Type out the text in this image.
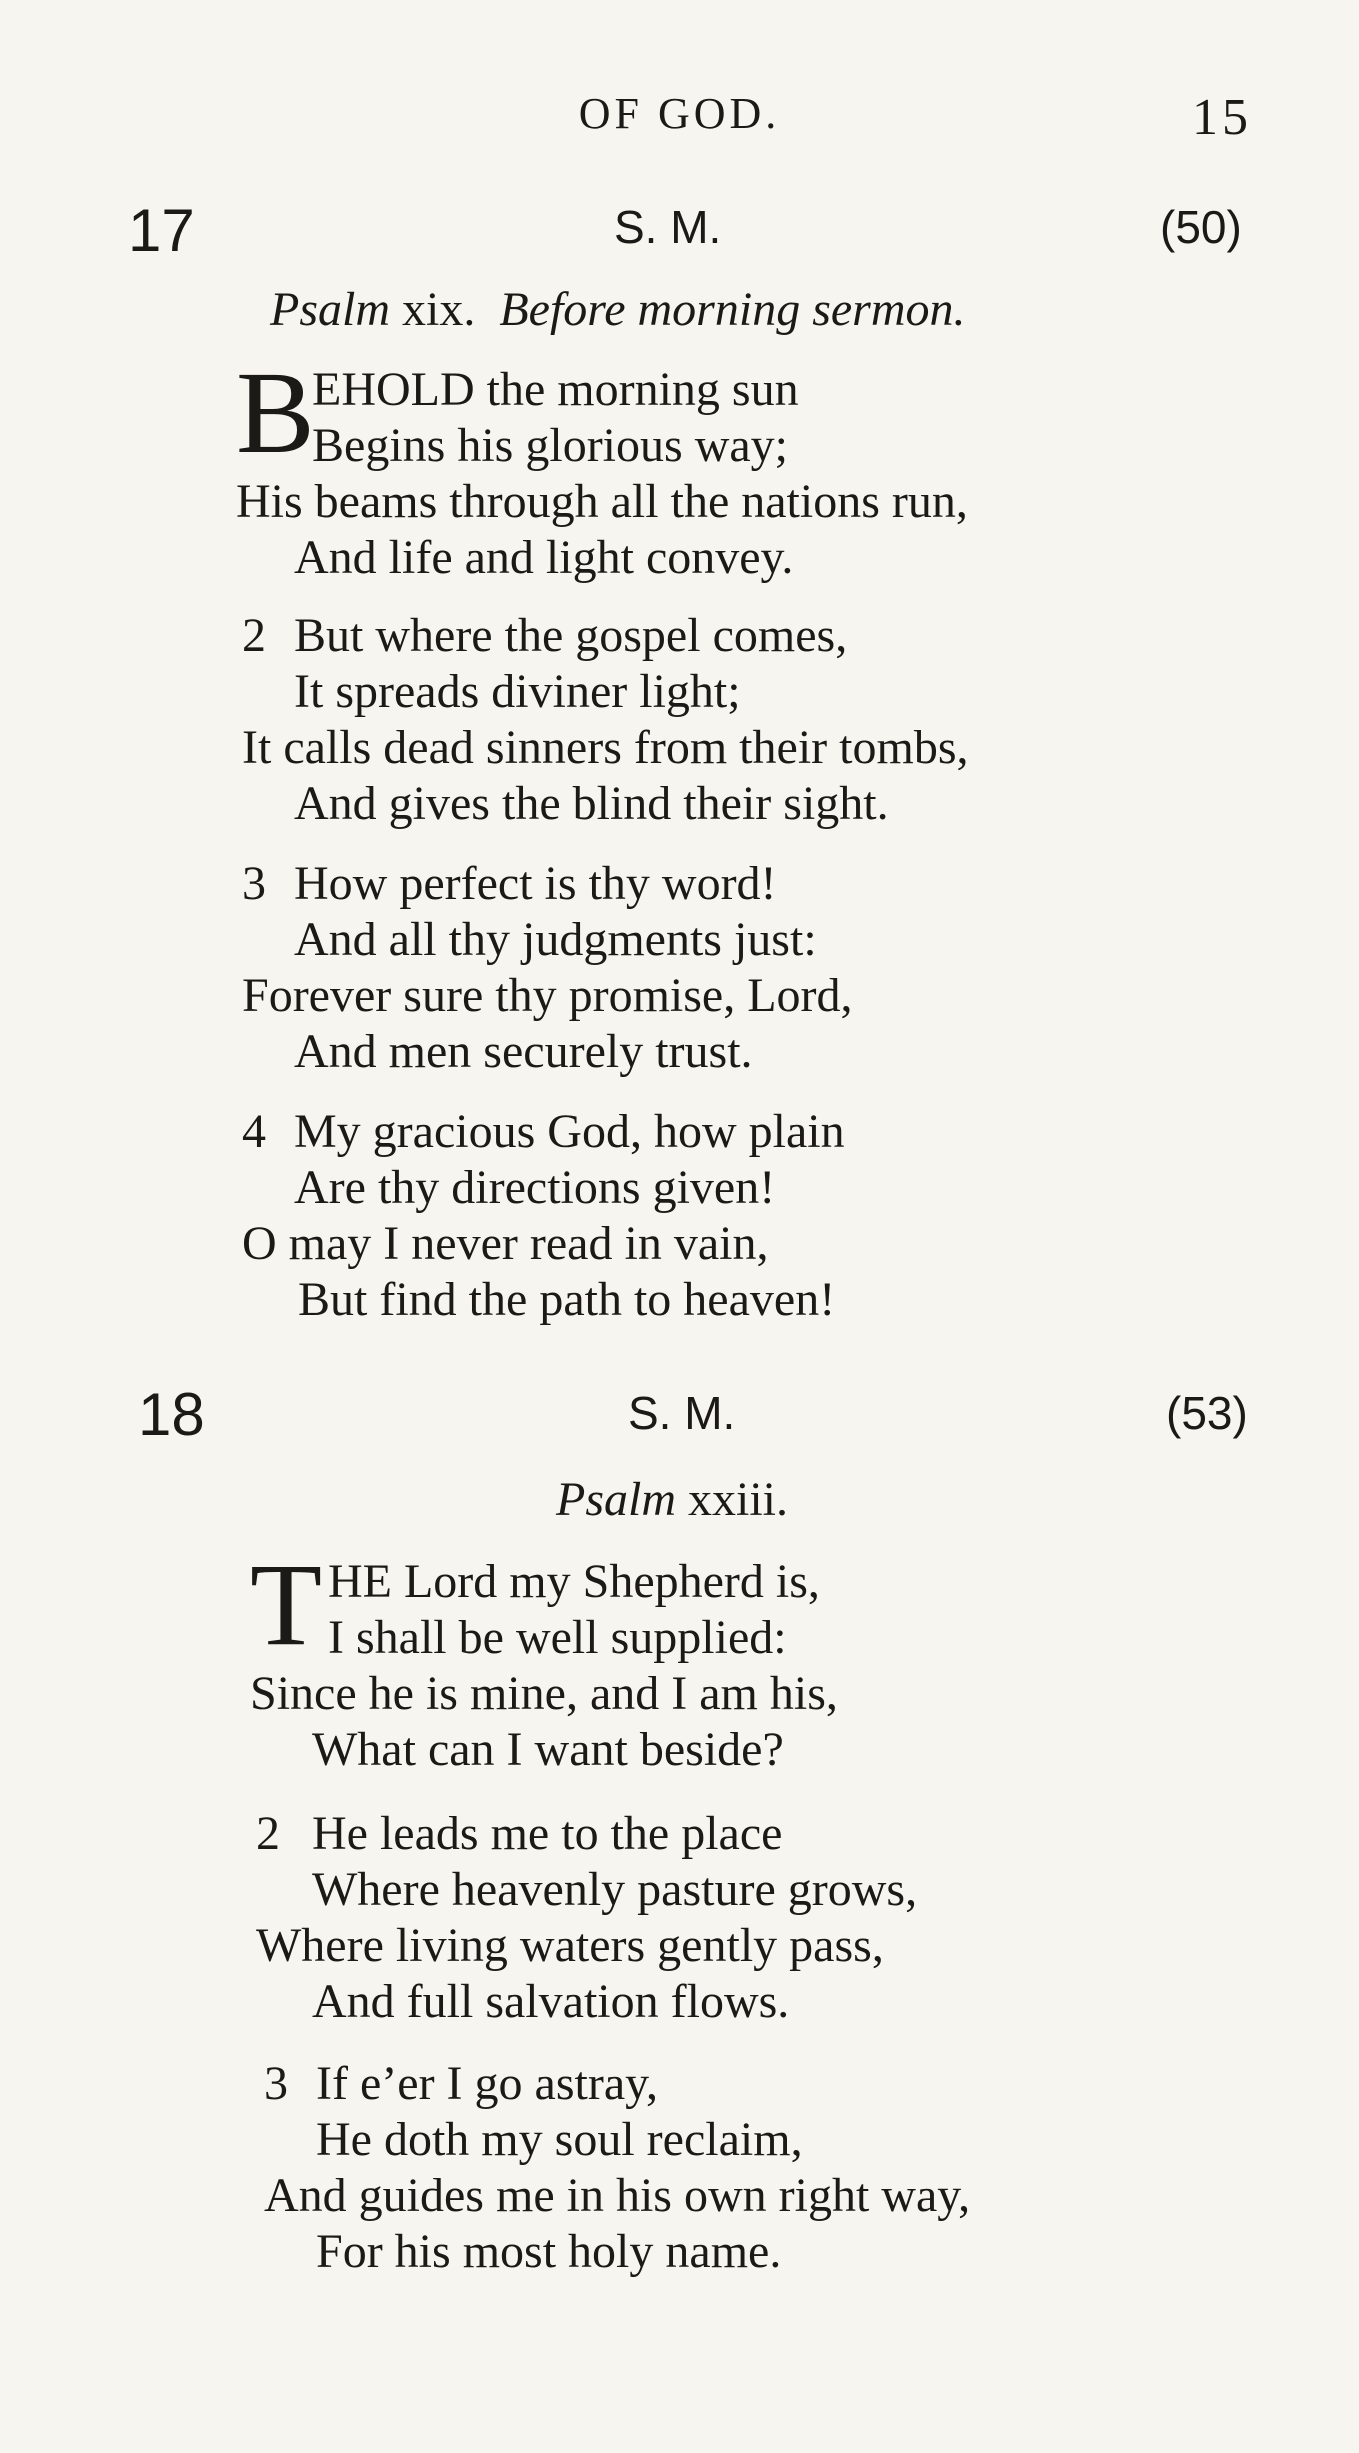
OF GOD.	15
17	S. M.	(50)
Psalm xix. Before morning sermon.
B
EHOLD the morning sun
Begins his glorious way;
His beams through all the nations run,
And life and light convey.
2 But where the gospel comes,
It spreads diviner light;
It calls dead sinners from their tombs,
And gives the blind their sight.
3 How perfect is thy word!
And all thy judgments just:
Forever sure thy promise, Lord,
And men securely trust.
4 My gracious God, how plain
Are thy directions given!
O may I never read in vain,
But find the path to heaven!
18	S. M.	(53)
Psalm xxiii.
T HE Lord my Shepherd is,
I shall be well supplied:
Since he is mine, and I am his,
What can I want beside?
2 He leads me to the place
Where heavenly pasture grows,
Where living waters gently pass,
And full salvation flows.
3 If e’er I go astray,
He doth my soul reclaim,
And guides me in his own right way,
For his most holy name.
